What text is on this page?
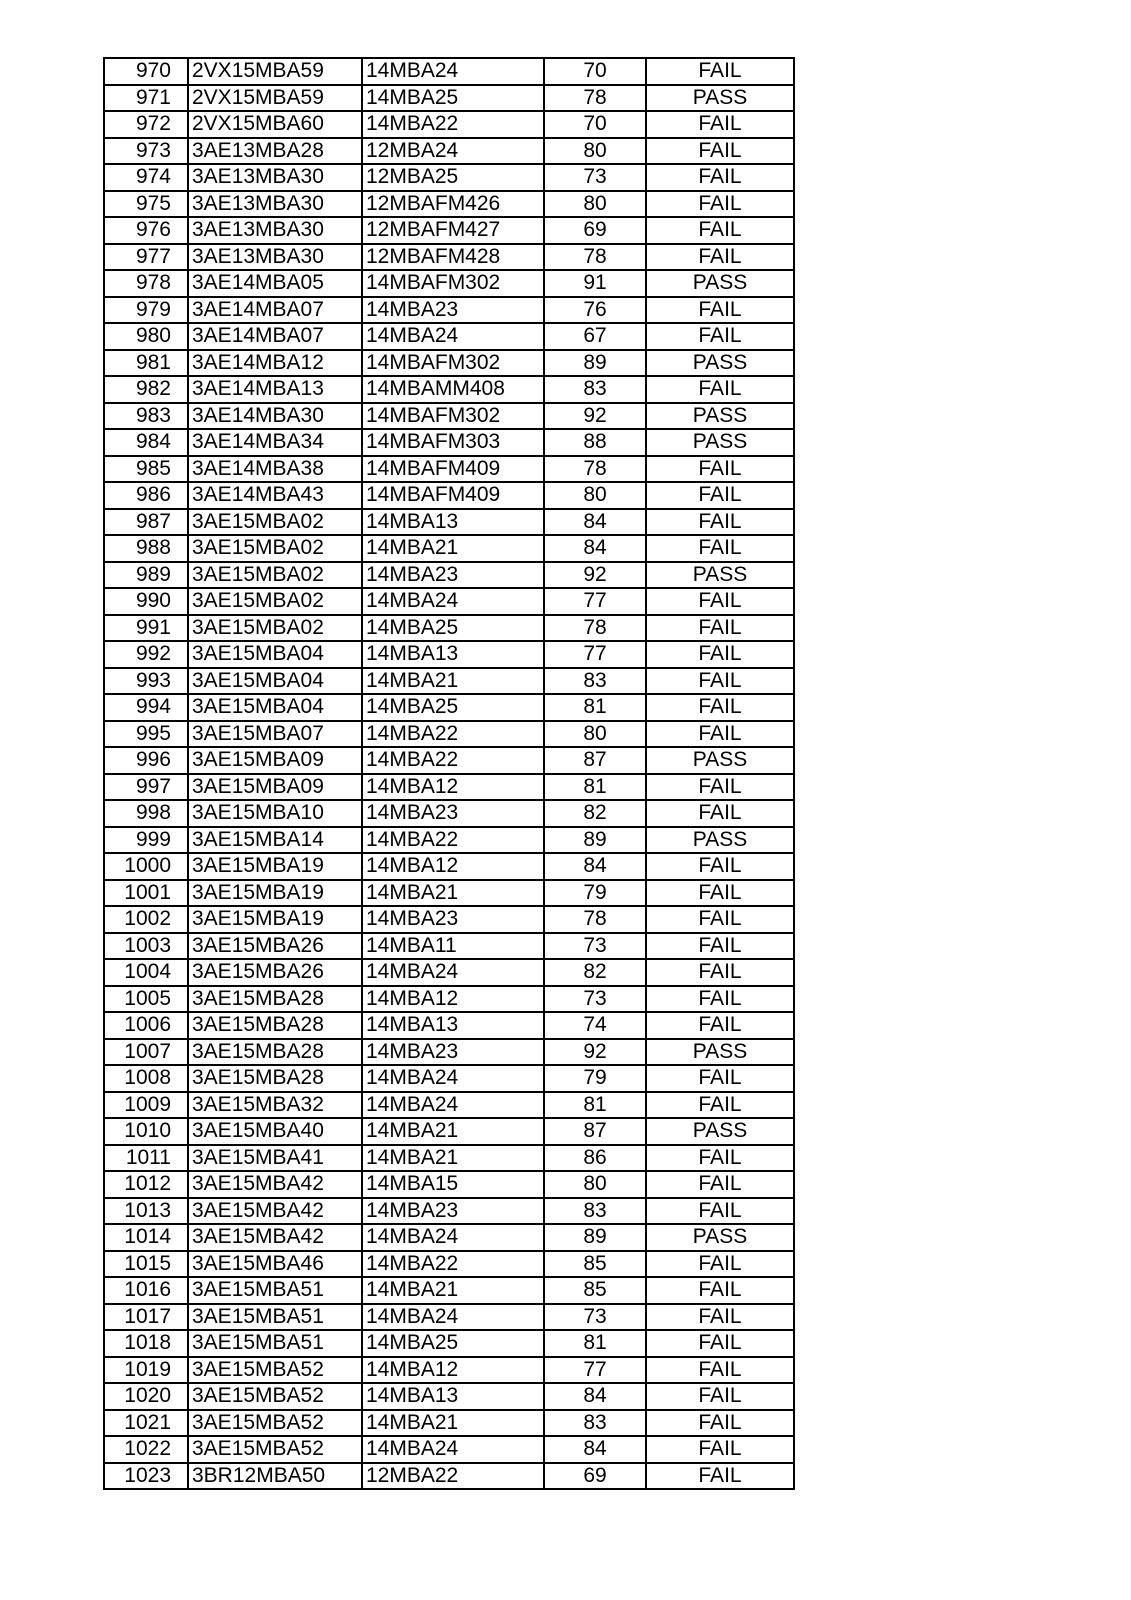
970	2VX15MBA59	14MBA24	70	FAIL
971	2VX15MBA59	14MBA25	78	PASS
972	2VX15MBA60	14MBA22	70	FAIL
973	3AE13MBA28	12MBA24	80	FAIL
974	3AE13MBA30	12MBA25	73	FAIL
975	3AE13MBA30	12MBAFM426	80	FAIL
976	3AE13MBA30	12MBAFM427	69	FAIL
977	3AE13MBA30	12MBAFM428	78	FAIL
978	3AE14MBA05	14MBAFM302	91	PASS
979	3AE14MBA07	14MBA23	76	FAIL
980	3AE14MBA07	14MBA24	67	FAIL
981	3AE14MBA12	14MBAFM302	89	PASS
982	3AE14MBA13	14MBAMM408	83	FAIL
983	3AE14MBA30	14MBAFM302	92	PASS
984	3AE14MBA34	14MBAFM303	88	PASS
985	3AE14MBA38	14MBAFM409	78	FAIL
986	3AE14MBA43	14MBAFM409	80	FAIL
987	3AE15MBA02	14MBA13	84	FAIL
988	3AE15MBA02	14MBA21	84	FAIL
989	3AE15MBA02	14MBA23	92	PASS
990	3AE15MBA02	14MBA24	77	FAIL
991	3AE15MBA02	14MBA25	78	FAIL
992	3AE15MBA04	14MBA13	77	FAIL
993	3AE15MBA04	14MBA21	83	FAIL
994	3AE15MBA04	14MBA25	81	FAIL
995	3AE15MBA07	14MBA22	80	FAIL
996	3AE15MBA09	14MBA22	87	PASS
997	3AE15MBA09	14MBA12	81	FAIL
998	3AE15MBA10	14MBA23	82	FAIL
999	3AE15MBA14	14MBA22	89	PASS
1000	3AE15MBA19	14MBA12	84	FAIL
1001	3AE15MBA19	14MBA21	79	FAIL
1002	3AE15MBA19	14MBA23	78	FAIL
1003	3AE15MBA26	14MBA11	73	FAIL
1004	3AE15MBA26	14MBA24	82	FAIL
1005	3AE15MBA28	14MBA12	73	FAIL
1006	3AE15MBA28	14MBA13	74	FAIL
1007	3AE15MBA28	14MBA23	92	PASS
1008	3AE15MBA28	14MBA24	79	FAIL
1009	3AE15MBA32	14MBA24	81	FAIL
1010	3AE15MBA40	14MBA21	87	PASS
1011	3AE15MBA41	14MBA21	86	FAIL
1012	3AE15MBA42	14MBA15	80	FAIL
1013	3AE15MBA42	14MBA23	83	FAIL
1014	3AE15MBA42	14MBA24	89	PASS
1015	3AE15MBA46	14MBA22	85	FAIL
1016	3AE15MBA51	14MBA21	85	FAIL
1017	3AE15MBA51	14MBA24	73	FAIL
1018	3AE15MBA51	14MBA25	81	FAIL
1019	3AE15MBA52	14MBA12	77	FAIL
1020	3AE15MBA52	14MBA13	84	FAIL
1021	3AE15MBA52	14MBA21	83	FAIL
1022	3AE15MBA52	14MBA24	84	FAIL
1023	3BR12MBA50	12MBA22	69	FAIL
